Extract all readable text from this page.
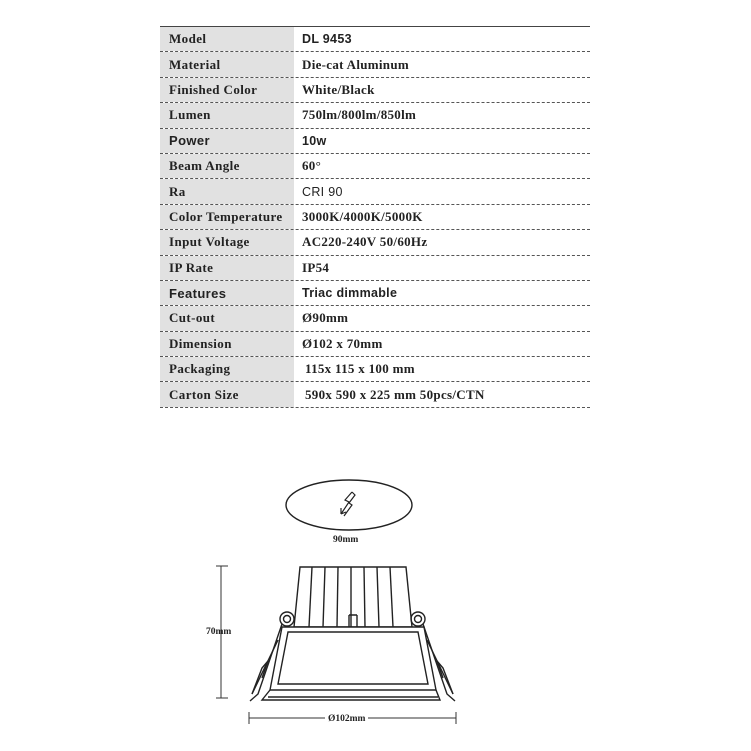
Model	DL 9453
Material	Die-cat Aluminum
Finished Color	White/Black
Lumen	750lm/800lm/850lm
Power	10w
Beam Angle	60°
Ra	CRI 90
Color Temperature	3000K/4000K/5000K
Input Voltage	AC220-240V 50/60Hz
IP Rate	IP54
Features	Triac dimmable
Cut-out	Ø90mm
Dimension	Ø102 x 70mm
Packaging	115x 115 x 100 mm
Carton Size	590x 590 x 225 mm 50pcs/CTN
90mm
70mm
Ø102mm
